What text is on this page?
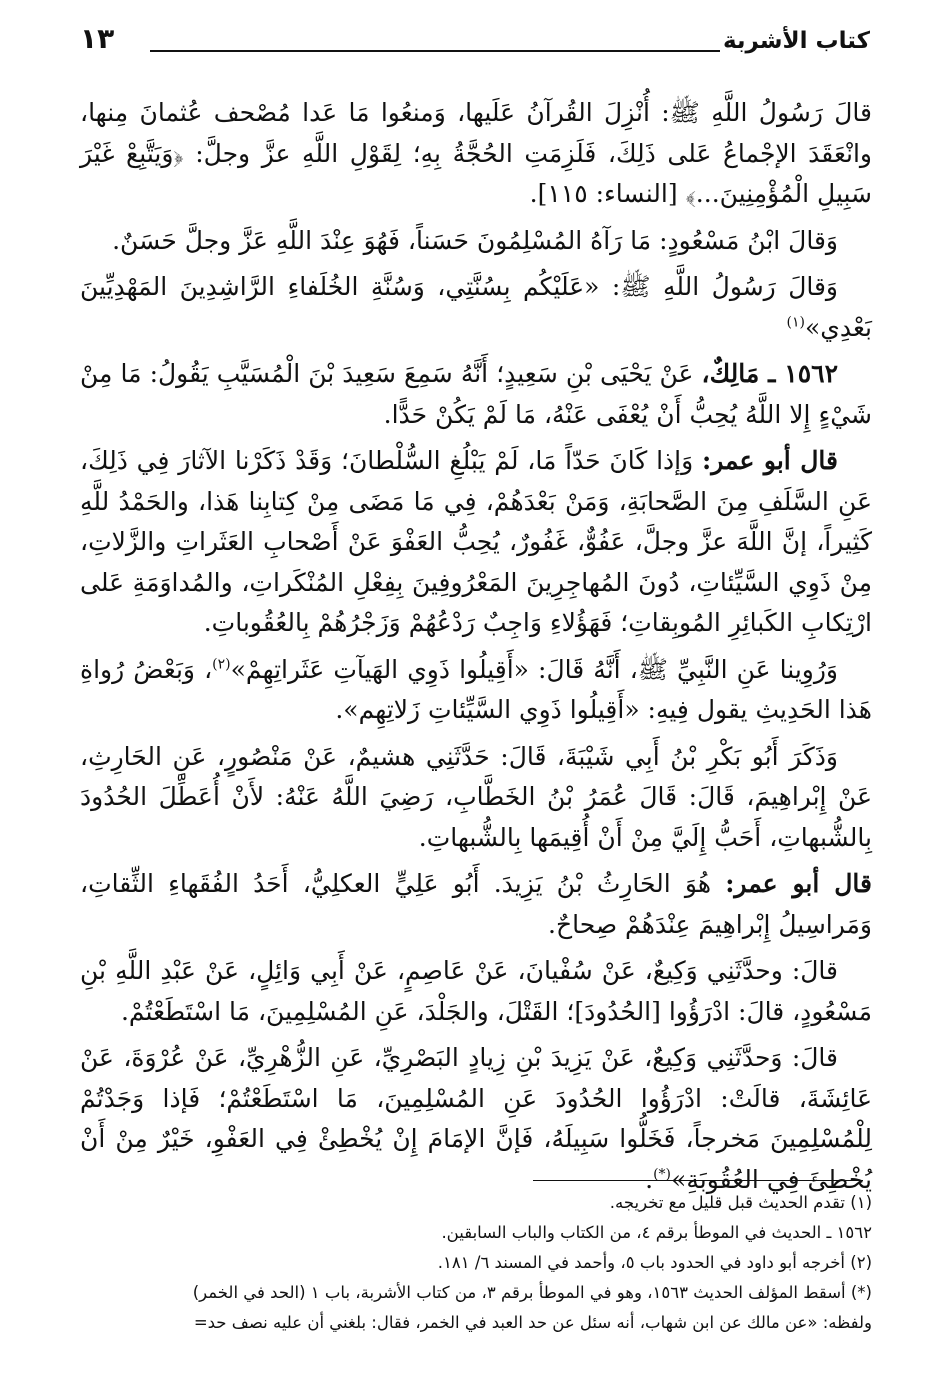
كتاب الأشربة
١٣

قالَ رَسُولُ اللَّهِ ﷺ: أُنْزِلَ القُرآنُ عَلَيها، وَمنعُوا مَا عَدا مُصْحف عُثمانَ مِنها، وانْعَقَدَ الإجْماعُ عَلى ذَلِكَ، فَلَزِمَتِ الحُجَّةُ بِهِ؛ لِقَوْلِ اللَّهِ عزَّ وجلَّ: ﴿وَيَتَّبِعْ غَيْرَ سَبِيلِ الْمُؤْمِنِينَ...﴾ [النساء: ١١٥].

وَقالَ ابْنُ مَسْعُودٍ: مَا رَآهُ المُسْلِمُونَ حَسَناً، فَهُوَ عِنْدَ اللَّهِ عَزَّ وجلَّ حَسَنٌ.

وَقالَ رَسُولُ اللَّهِ ﷺ: «عَلَيْكُم بِسُنَّتِي، وَسُنَّةِ الخُلَفاءِ الرَّاشِدِينَ المَهْدِيِّينَ بَعْدِي»$^{(١)}$

١٥٦٢ ـ مَالِكٌ، عَنْ يَحْيَى بْنِ سَعِيدٍ؛ أَنَّهُ سَمِعَ سَعِيدَ بْنَ الْمُسَيَّبِ يَقُولُ: مَا مِنْ شَيْءٍ إِلا اللَّهُ يُحِبُّ أَنْ يُعْفَى عَنْهُ، مَا لَمْ يَكُنْ حَدًّا.

قال أبو عمر: وَإذا كَانَ حَدّاً مَا، لَمْ يَبْلُغِ السُّلْطانَ؛ وَقَدْ ذَكَرْنا الآثارَ فِي ذَلِكَ، عَنِ السَّلَفِ مِنَ الصَّحابَةِ، وَمَنْ بَعْدَهُمْ، فِي مَا مَضَى مِنْ كِتابِنا هَذا، والحَمْدُ للَّهِ كَثِيراً، إنَّ اللَّهَ عزَّ وجلَّ، عَفُوٌّ، غَفُورٌ، يُحِبُّ العَفْوَ عَنْ أَصْحابِ العَثَراتِ والزَّلاتِ، مِنْ ذَوِي السَّيِّئاتِ، دُونَ المُهاجِرِينَ المَعْرُوفِينَ بِفِعْلِ المُنْكَراتِ، والمُداوَمَةِ عَلى ارْتِكابِ الكَبائِرِ المُوبِقاتِ؛ فَهَؤُلاءِ وَاجِبٌ رَدْعُهُمْ وَزَجْرُهُمْ بِالعُقُوباتِ.

وَرُوِينا عَنِ النَّبِيِّ ﷺ، أَنَّهُ قَالَ: «أَقِيلُوا ذَوِي الهَيآتِ عَثَراتِهِمْ»$^{(٢)}$، وَبَعْضُ رُواةِ هَذا الحَدِيثِ يقول فِيهِ: «أَقِيلُوا ذَوِي السَّيِّئاتِ زَلاتِهِم».

وَذَكَرَ أَبُو بَكْرِ بْنُ أَبِي شَيْبَةَ، قَالَ: حَدَّثَنِي هشيمٌ، عَنْ مَنْصُورٍ، عَنِ الحَارِثِ، عَنْ إِبْراهِيمَ، قَالَ: قَالَ عُمَرُ بْنُ الخَطَّابِ، رَضِيَ اللَّهُ عَنْهُ: لأَنْ أُعَطِّلَ الحُدُودَ بِالشُّبهاتِ، أَحَبُّ إِلَيَّ مِنْ أَنْ أُقِيمَها بِالشُّبهاتِ.

قال أبو عمر: هُوَ الحَارِثُ بْنُ يَزِيدَ. أَبُو عَلِيٍّ العكلِيُّ، أَحَدُ الفُقَهاءِ الثِّقاتِ، وَمَراسِيلُ إِبْراهِيمَ عِنْدَهُمْ صِحاحٌ.

قالَ: وحدَّثَنِي وَكِيعٌ، عَنْ سُفْيانَ، عَنْ عَاصِمٍ، عَنْ أَبِي وَائِلٍ، عَنْ عَبْدِ اللَّهِ بْنِ مَسْعُودٍ، قالَ: ادْرَؤُوا [الحُدُودَ]؛ القَتْلَ، والجَلْدَ، عَنِ المُسْلِمِينَ، مَا اسْتَطَعْتُمْ.

قالَ: وَحدَّثَنِي وَكِيعٌ، عَنْ يَزِيدَ بْنِ زِيادٍ البَصْرِيِّ، عَنِ الزُّهْرِيِّ، عَنْ عُرْوَةَ، عَنْ عَائِشَةَ، قالَتْ: ادْرَؤُوا الحُدُودَ عَنِ المُسْلِمِينَ، مَا اسْتَطَعْتُمْ؛ فَإذا وَجَدْتُمْ لِلْمُسْلِمِينَ مَخرجاً، فَخَلُّوا سَبِيلَهُ، فَإنَّ الإمَامَ إِنْ يُخْطِئْ فِي العَفْوِ، خَيْرٌ مِنْ أَنْ يُخْطِئَ فِي العُقُوبَةِ»(*).

(١) تقدم الحديث قبل قليل مع تخريجه.
١٥٦٢ ـ الحديث في الموطأ برقم ٤، من الكتاب والباب السابقين.
(٢) أخرجه أبو داود في الحدود باب ٥، وأحمد في المسند ٦/ ١٨١.
(*) أسقط المؤلف الحديث ١٥٦٣، وهو في الموطأ برقم ٣، من كتاب الأشربة، باب ١ (الحد في الخمر)
ولفظه: «عن مالك عن ابن شهاب، أنه سئل عن حد العبد في الخمر، فقال: بلغني أن عليه نصف حد=
